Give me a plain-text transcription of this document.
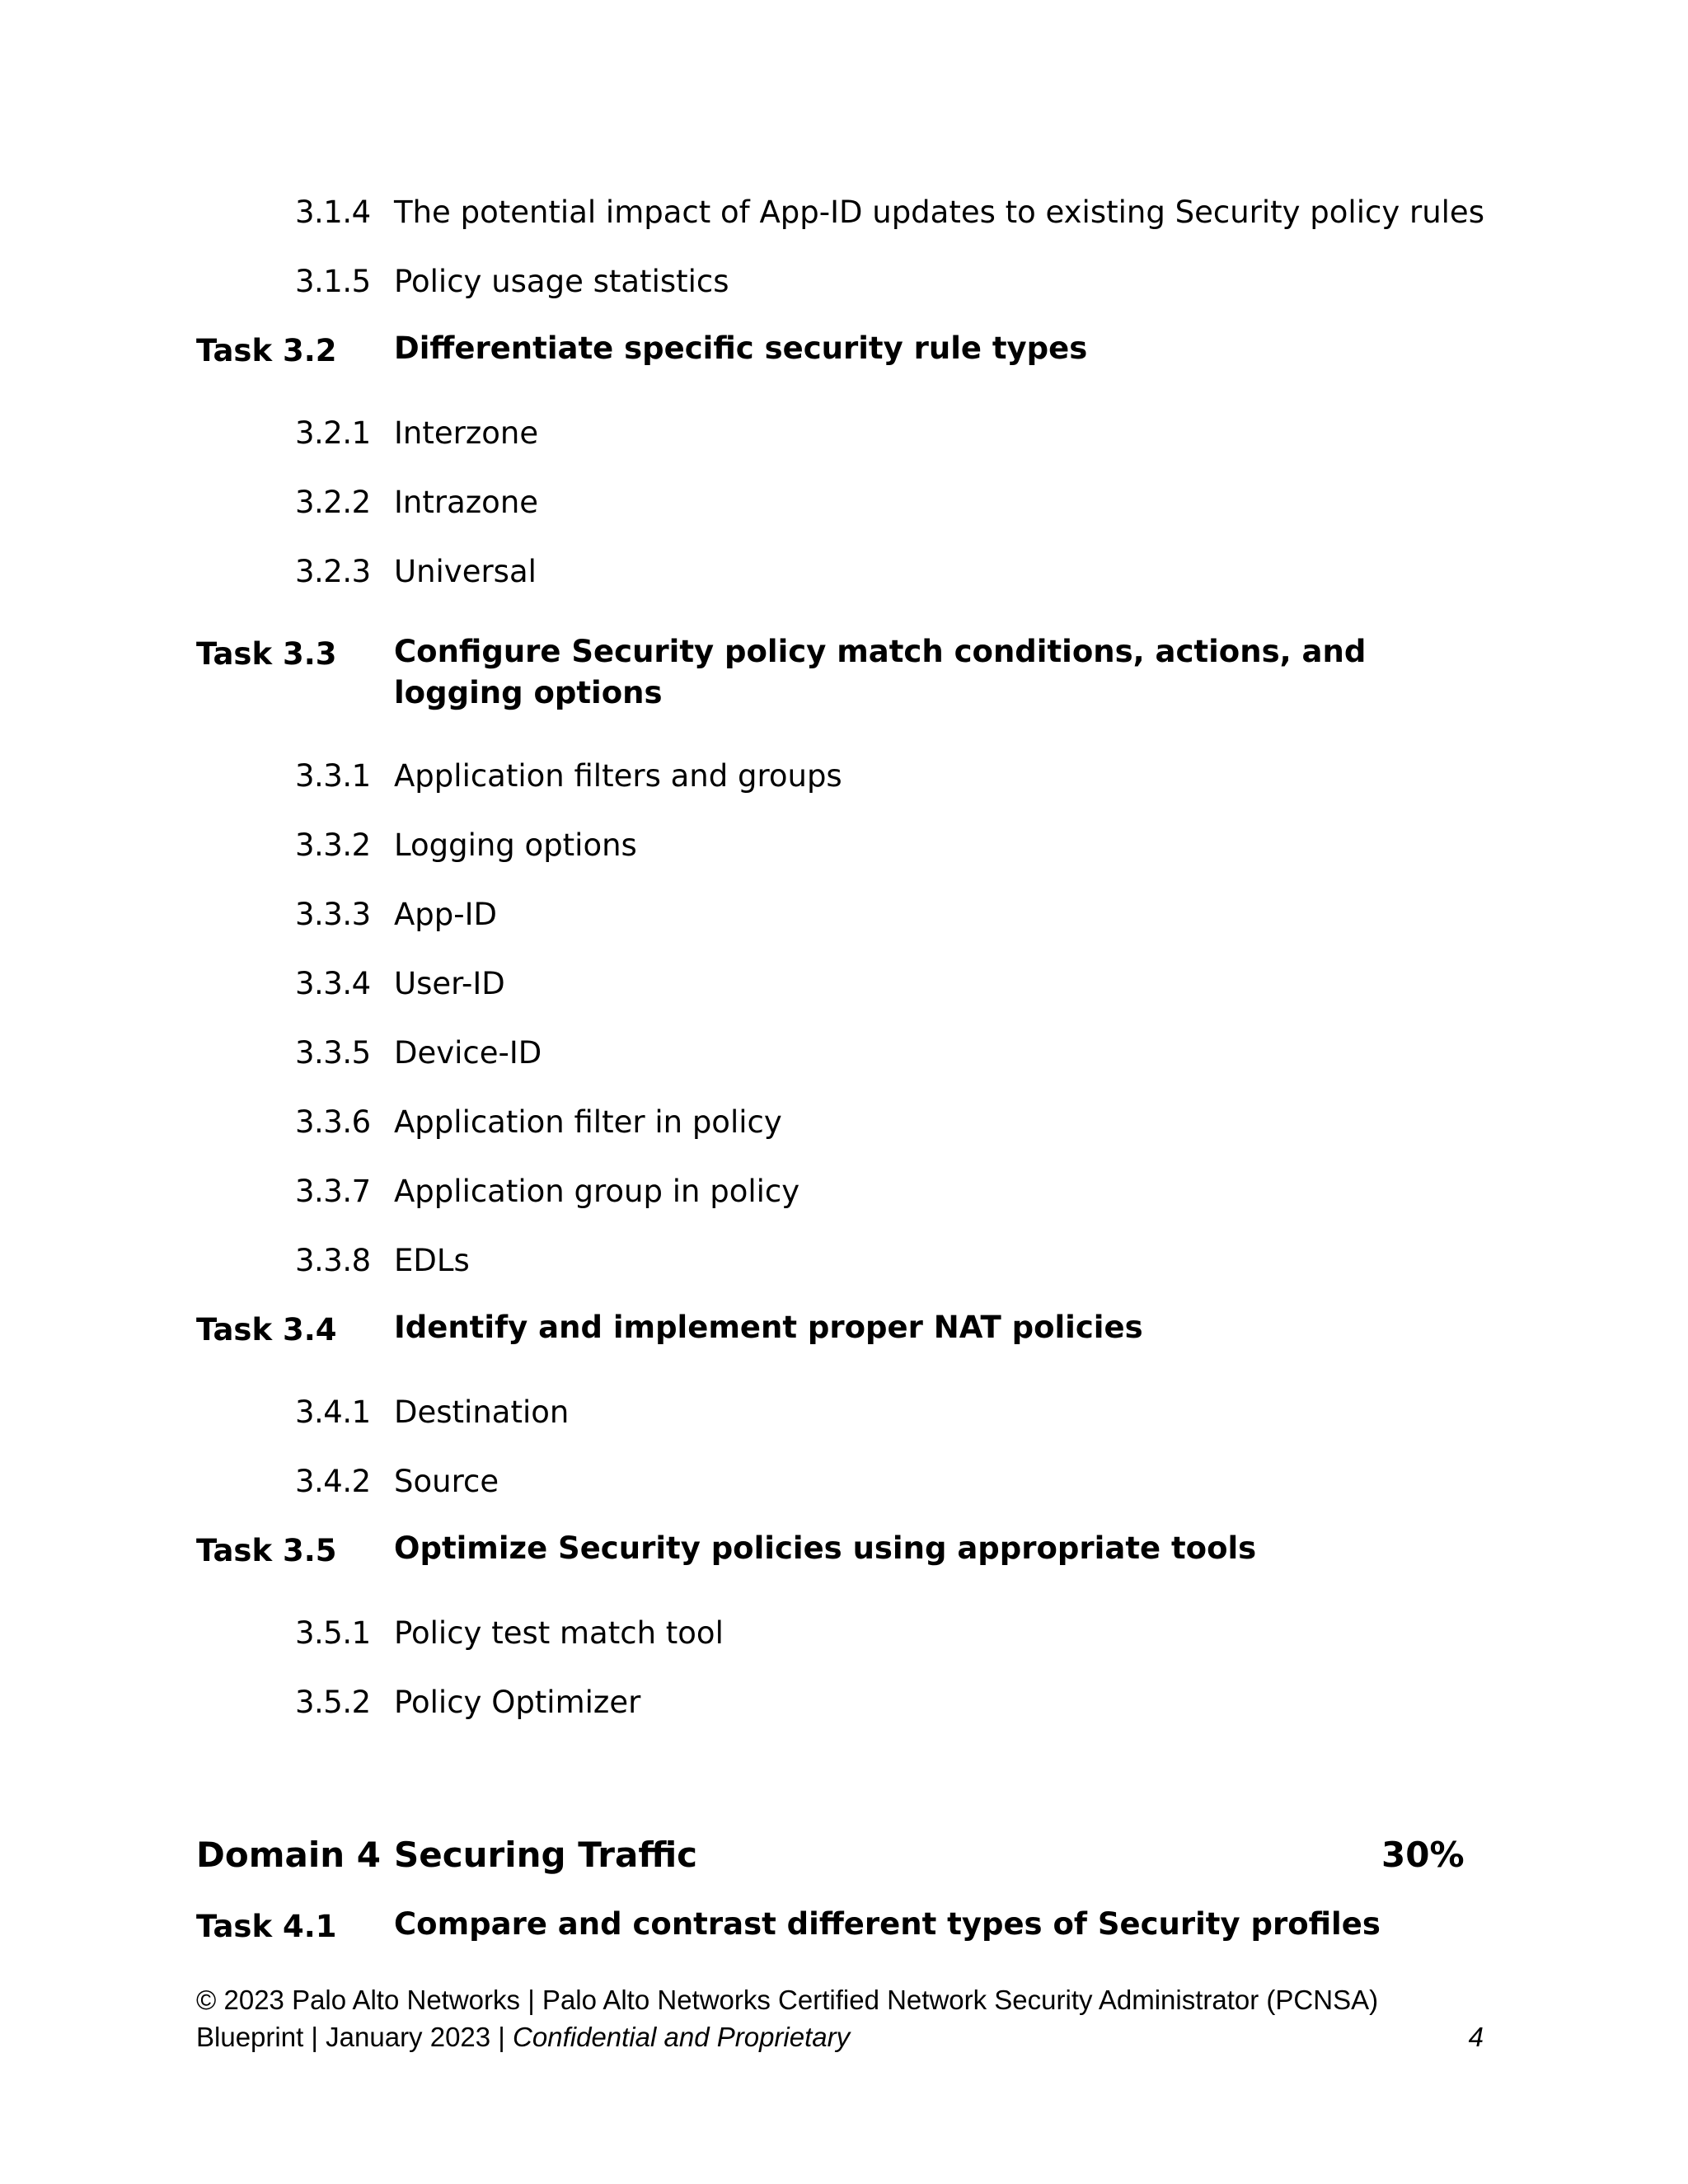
3.1.4 The potential impact of App-ID updates to existing Security policy rules
3.1.5 Policy usage statistics
Task 3.2 Differentiate specific security rule types
3.2.1 Interzone
3.2.2 Intrazone
3.2.3 Universal
Task 3.3 Configure Security policy match conditions, actions, and logging options
3.3.1 Application filters and groups
3.3.2 Logging options
3.3.3 App-ID
3.3.4 User-ID
3.3.5 Device-ID
3.3.6 Application filter in policy
3.3.7 Application group in policy
3.3.8 EDLs
Task 3.4 Identify and implement proper NAT policies
3.4.1 Destination
3.4.2 Source
Task 3.5 Optimize Security policies using appropriate tools
3.5.1 Policy test match tool
3.5.2 Policy Optimizer
Domain 4 Securing Traffic	30%
Task 4.1 Compare and contrast different types of Security profiles
© 2023 Palo Alto Networks | Palo Alto Networks Certified Network Security Administrator (PCNSA)
Blueprint | January 2023 | Confidential and Proprietary	4
